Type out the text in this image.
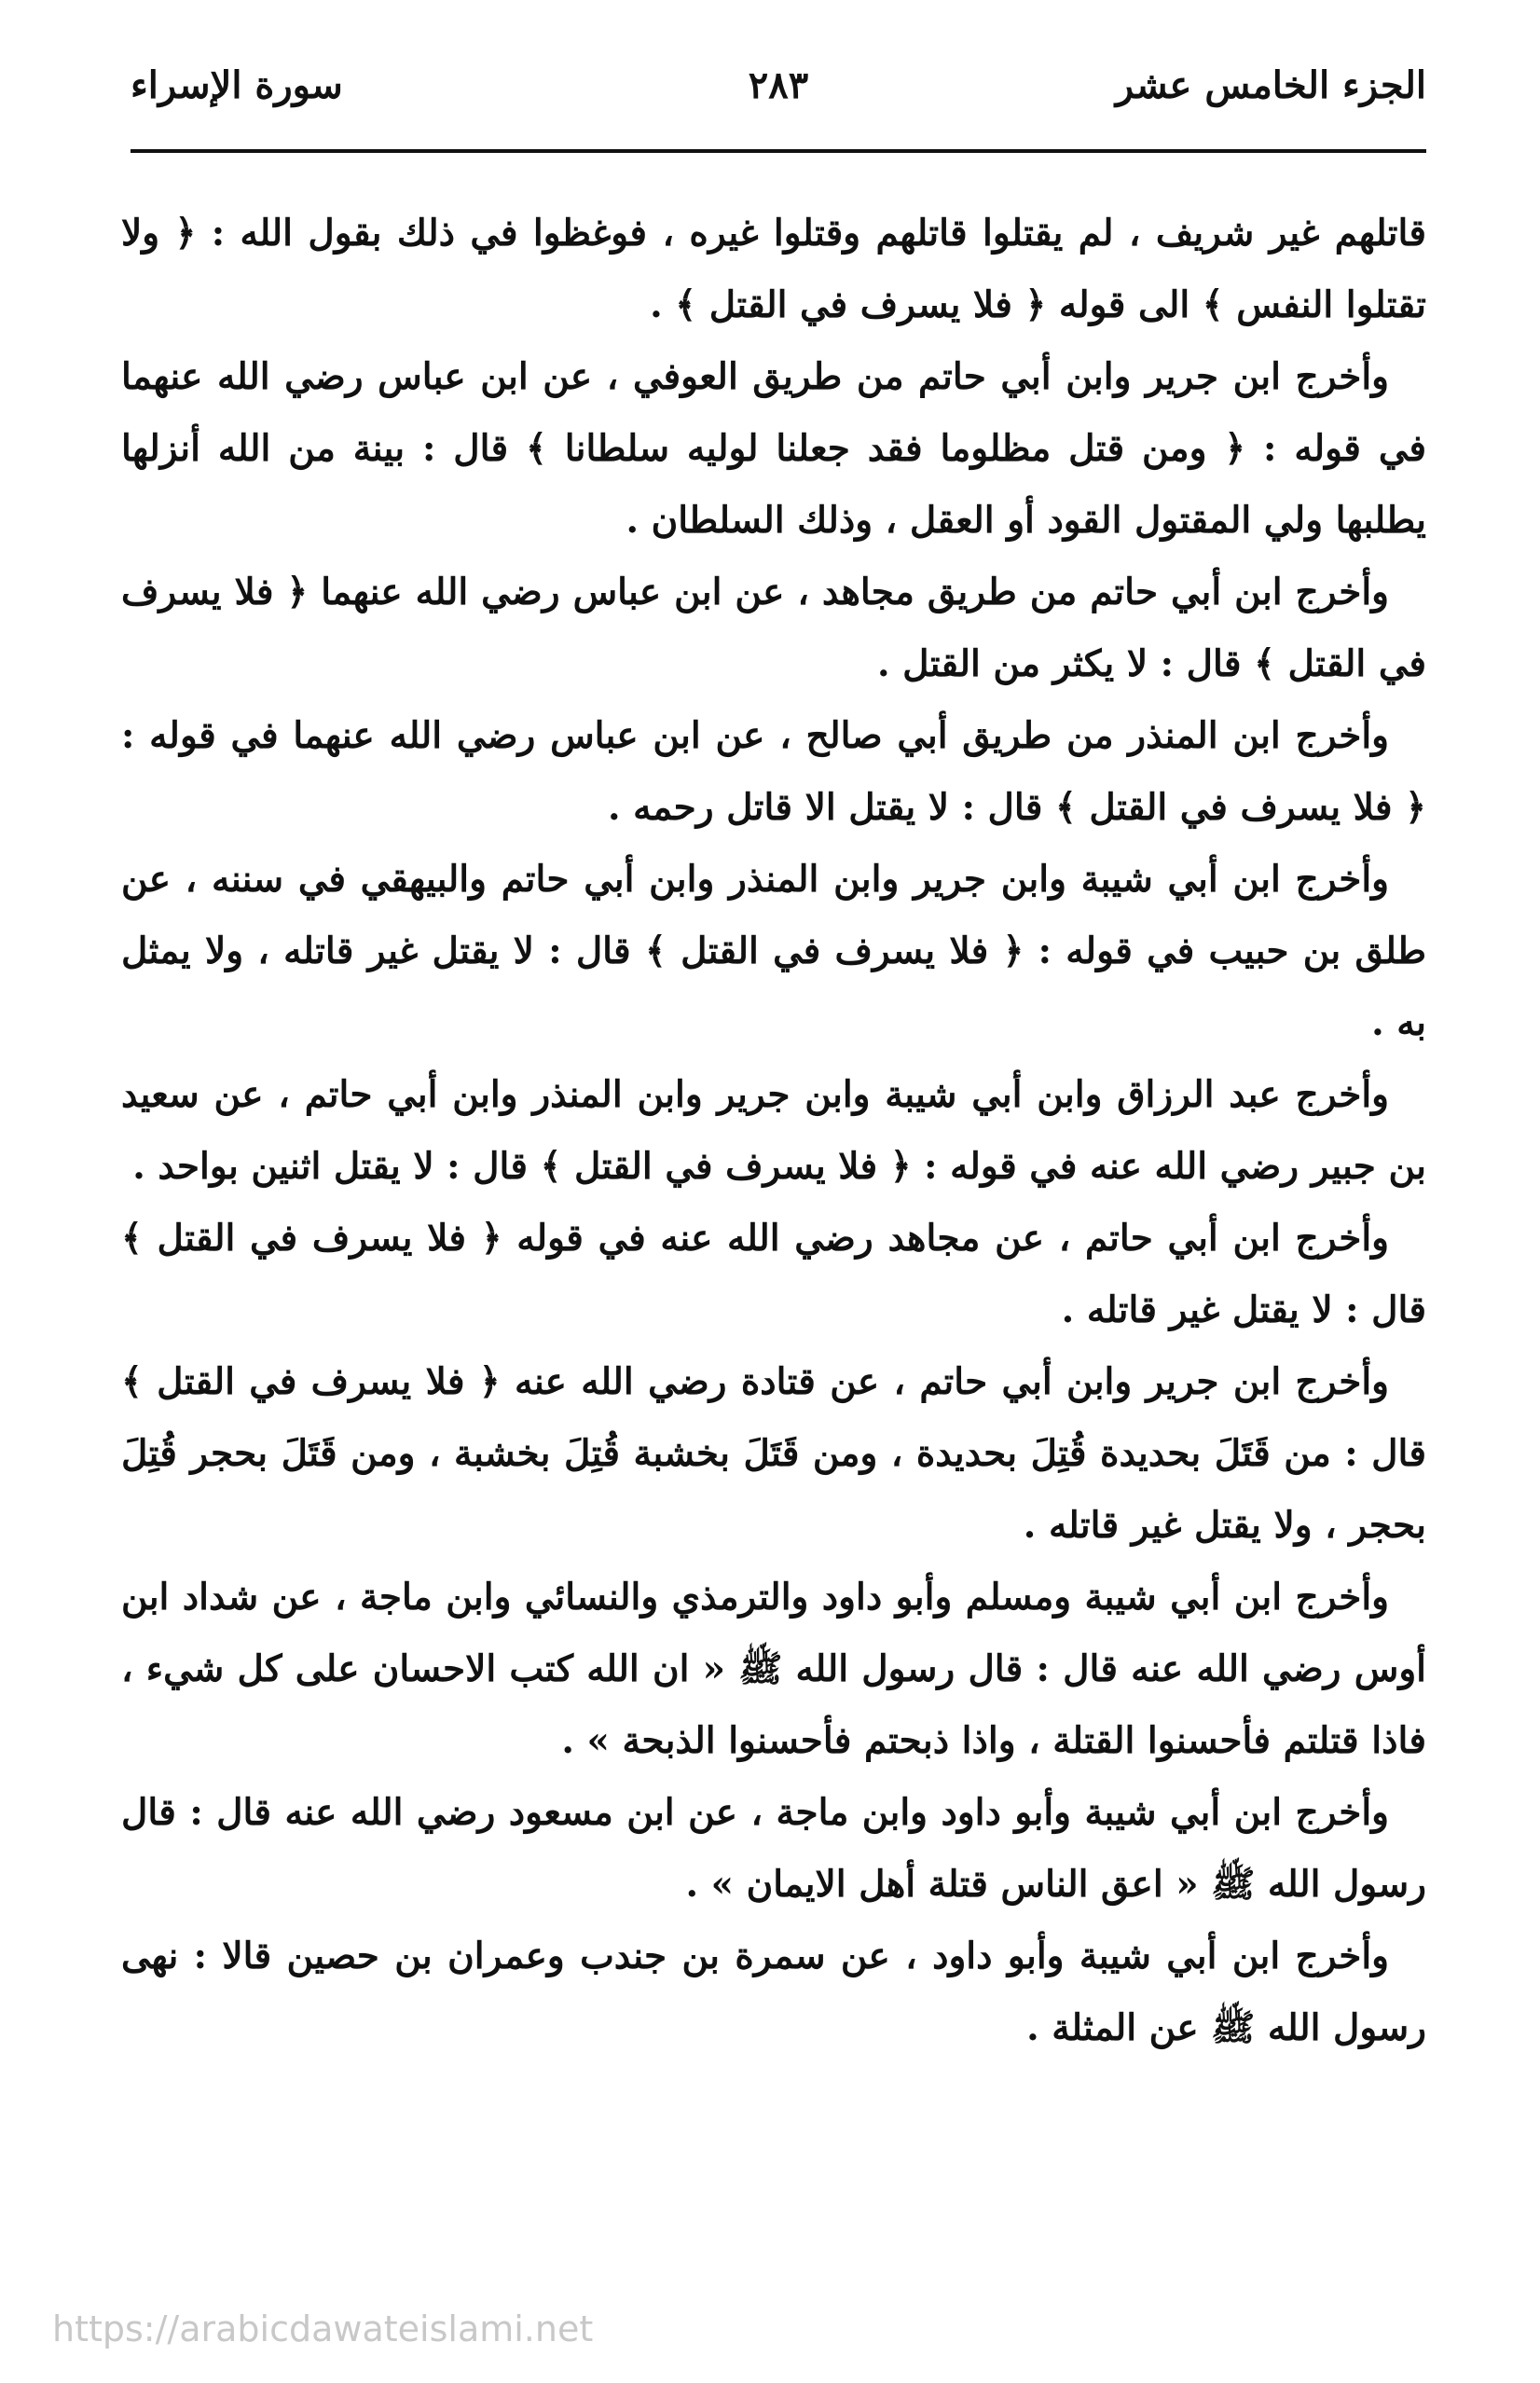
الجزء الخامس عشر
٢٨٣
سورة الإسراء

قاتلهم غير شريف ، لم يقتلوا قاتلهم وقتلوا غيره ، فوغظوا في ذلك بقول الله : ﴿ ولا تقتلوا النفس ﴾ الى قوله ﴿ فلا يسرف في القتل ﴾ .

وأخرج ابن جرير وابن أبي حاتم من طريق العوفي ، عن ابن عباس رضي الله عنهما في قوله : ﴿ ومن قتل مظلوما فقد جعلنا لوليه سلطانا ﴾ قال : بينة من الله أنزلها يطلبها ولي المقتول القود أو العقل ، وذلك السلطان .

وأخرج ابن أبي حاتم من طريق مجاهد ، عن ابن عباس رضي الله عنهما ﴿ فلا يسرف في القتل ﴾ قال : لا يكثر من القتل .

وأخرج ابن المنذر من طريق أبي صالح ، عن ابن عباس رضي الله عنهما في قوله : ﴿ فلا يسرف في القتل ﴾ قال : لا يقتل الا قاتل رحمه .

وأخرج ابن أبي شيبة وابن جرير وابن المنذر وابن أبي حاتم والبيهقي في سننه ، عن طلق بن حبيب في قوله : ﴿ فلا يسرف في القتل ﴾ قال : لا يقتل غير قاتله ، ولا يمثل به .

وأخرج عبد الرزاق وابن أبي شيبة وابن جرير وابن المنذر وابن أبي حاتم ، عن سعيد بن جبير رضي الله عنه في قوله : ﴿ فلا يسرف في القتل ﴾ قال : لا يقتل اثنين بواحد .

وأخرج ابن أبي حاتم ، عن مجاهد رضي الله عنه في قوله ﴿ فلا يسرف في القتل ﴾ قال : لا يقتل غير قاتله .

وأخرج ابن جرير وابن أبي حاتم ، عن قتادة رضي الله عنه ﴿ فلا يسرف في القتل ﴾ قال : من قَتَلَ بحديدة قُتِلَ بحديدة ، ومن قَتَلَ بخشبة قُتِلَ بخشبة ، ومن قَتَلَ بحجر قُتِلَ بحجر ، ولا يقتل غير قاتله .

وأخرج ابن أبي شيبة ومسلم وأبو داود والترمذي والنسائي وابن ماجة ، عن شداد ابن أوس رضي الله عنه قال : قال رسول الله ﷺ « ان الله كتب الاحسان على كل شيء ، فاذا قتلتم فأحسنوا القتلة ، واذا ذبحتم فأحسنوا الذبحة » .

وأخرج ابن أبي شيبة وأبو داود وابن ماجة ، عن ابن مسعود رضي الله عنه قال : قال رسول الله ﷺ « اعق الناس قتلة أهل الايمان » .

وأخرج ابن أبي شيبة وأبو داود ، عن سمرة بن جندب وعمران بن حصين قالا : نهى رسول الله ﷺ عن المثلة .

https://arabicdawateislami.net
